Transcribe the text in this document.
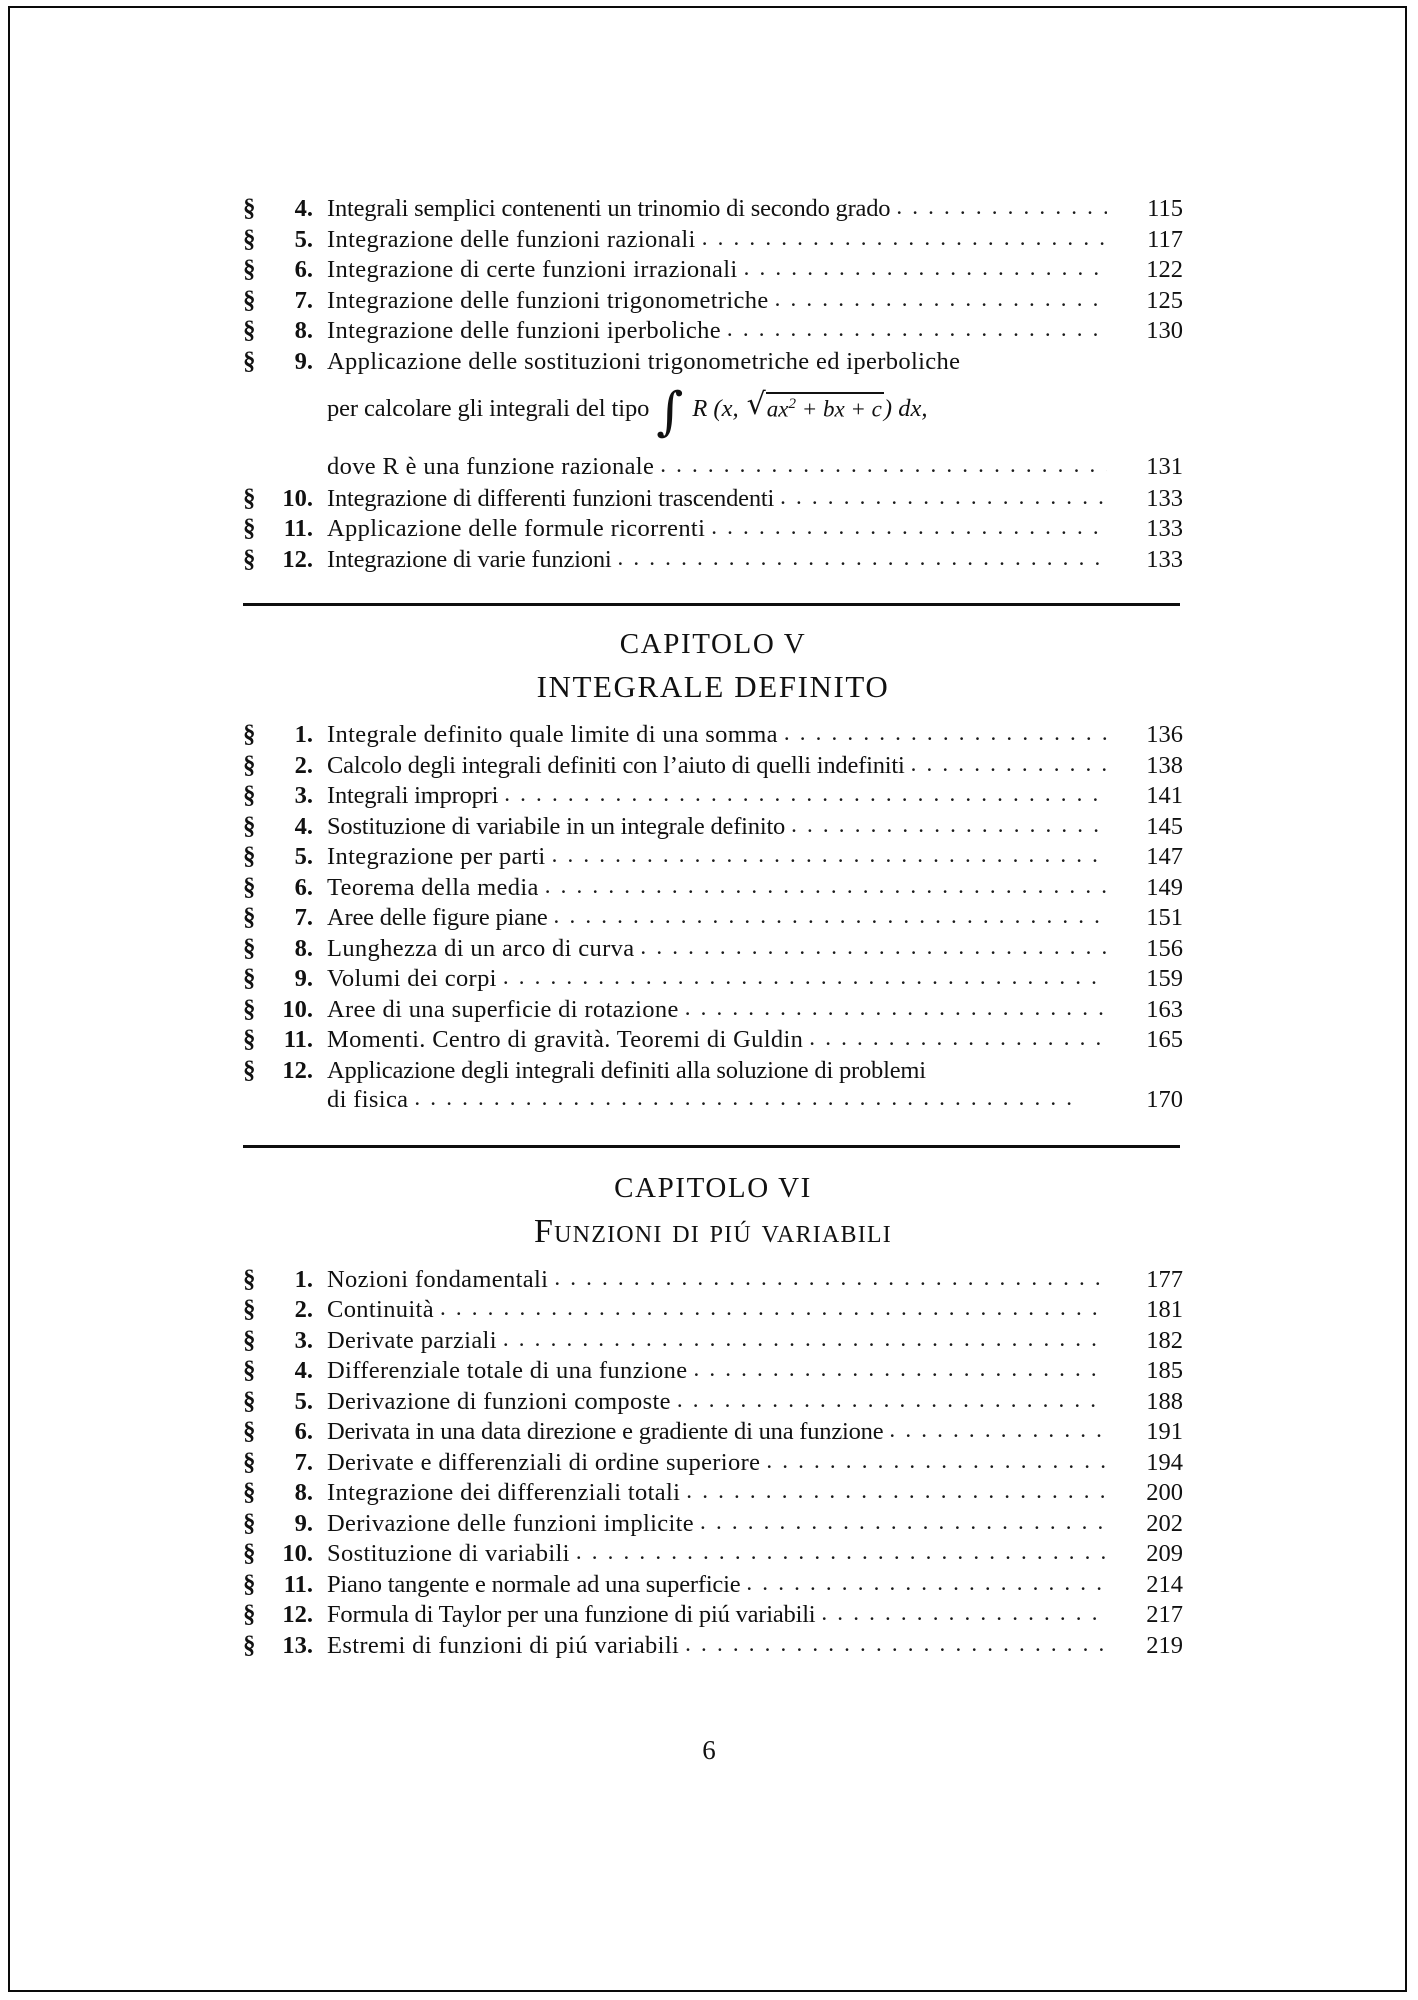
§	4. Integrali semplici contenenti un trinomio di secondo grado . . .	115
§	5. Integrazione delle funzioni razionali . . .	117
§	6. Integrazione di certe funzioni irrazionali . . .	122
§	7. Integrazione delle funzioni trigonometriche . . .	125
§	8. Integrazione delle funzioni iperboliche . . .	130
§	9. Applicazione delle sostituzioni trigonometriche ed iperboliche
per calcolare gli integrali del tipo ∫ R (x, √ $ax^2$ + bx + c ) dx,
dove R è una funzione razionale . . .	131
§	10. Integrazione di differenti funzioni trascendenti . . .	133
§	11. Applicazione delle formule ricorrenti . . .	133
§	12. Integrazione di varie funzioni . . .	133
CAPITOLO V
INTEGRALE DEFINITO
§	1. Integrale definito quale limite di una somma . . .	136
§	2. Calcolo degli integrali definiti con l’aiuto di quelli indefiniti . . .	138
§	3. Integrali impropri . . .	141
§	4. Sostituzione di variabile in un integrale definito . . .	145
§	5. Integrazione per parti . . .	147
§	6. Teorema della media . . .	149
§	7. Aree delle figure piane . . .	151
§	8. Lunghezza di un arco di curva . . .	156
§	9. Volumi dei corpi . . .	159
§	10. Aree di una superficie di rotazione . . .	163
§	11. Momenti. Centro di gravità. Teoremi di Guldin . . .	165
§	12. Applicazione degli integrali definiti alla soluzione di problemi
di fisica . . .	170
CAPITOLO VI
Funzioni di piú variabili
§	1. Nozioni fondamentali . . .	177
§	2. Continuità . . .	181
§	3. Derivate parziali . . .	182
§	4. Differenziale totale di una funzione . . .	185
§	5. Derivazione di funzioni composte . . .	188
§	6. Derivata in una data direzione e gradiente di una funzione . . .	191
§	7. Derivate e differenziali di ordine superiore . . .	194
§	8. Integrazione dei differenziali totali . . .	200
§	9. Derivazione delle funzioni implicite . . .	202
§	10. Sostituzione di variabili . . .	209
§	11. Piano tangente e normale ad una superficie . . .	214
§	12. Formula di Taylor per una funzione di piú variabili . . .	217
§	13. Estremi di funzioni di piú variabili . . .	219
6
